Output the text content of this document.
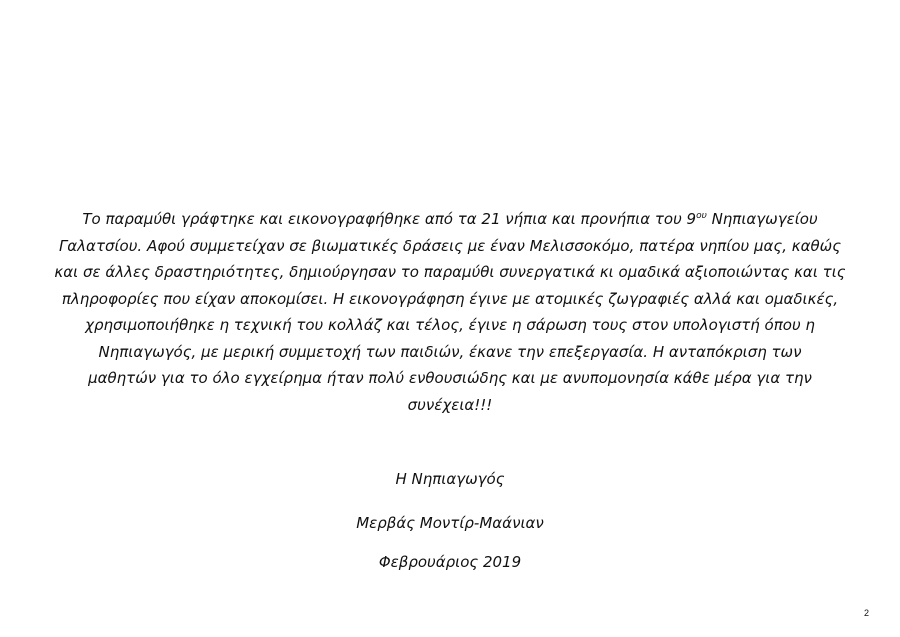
Το παραμύθι γράφτηκε και εικονογραφήθηκε από τα 21 νήπια και προνήπια του $9^{o\upsilon}$ Νηπιαγωγείου
Γαλατσίου. Αφού συμμετείχαν σε βιωματικές δράσεις με έναν Μελισσοκόμο, πατέρα νηπίου μας, καθώς
και σε άλλες δραστηριότητες, δημιούργησαν το παραμύθι συνεργατικά κι ομαδικά αξιοποιώντας και τις
πληροφορίες που είχαν αποκομίσει. Η εικονογράφηση έγινε με ατομικές ζωγραφιές αλλά και ομαδικές,
χρησιμοποιήθηκε η τεχνική του κολλάζ και τέλος, έγινε η σάρωση τους στον υπολογιστή όπου η
Νηπιαγωγός, με μερική συμμετοχή των παιδιών, έκανε την επεξεργασία. Η ανταπόκριση των
μαθητών για το όλο εγχείρημα ήταν πολύ ενθουσιώδης και με ανυπομονησία κάθε μέρα για την
συνέχεια!!!

Η Νηπιαγωγός

Μερβάς Μοντίρ-Μαάνιαν

Φεβρουάριος 2019

2
